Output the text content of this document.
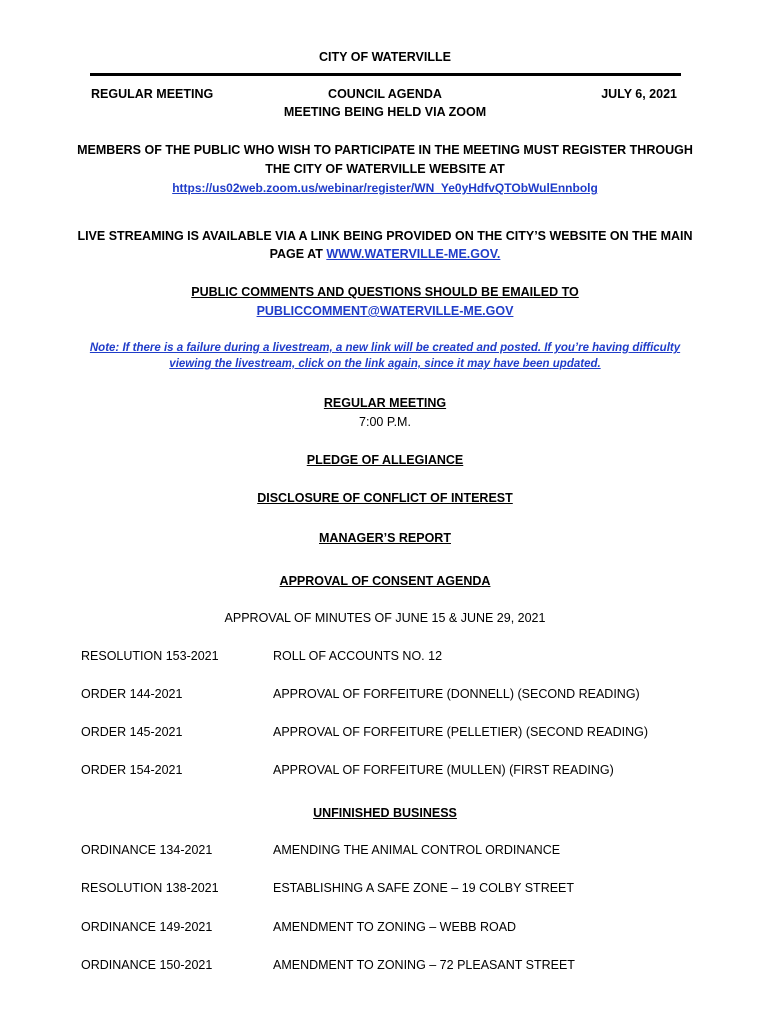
CITY OF WATERVILLE
REGULAR MEETING	COUNCIL AGENDA	JULY 6, 2021
MEETING BEING HELD VIA ZOOM
MEMBERS OF THE PUBLIC WHO WISH TO PARTICIPATE IN THE MEETING MUST REGISTER THROUGH
THE CITY OF WATERVILLE WEBSITE AT
https://us02web.zoom.us/webinar/register/WN_Ye0yHdfvQTObWulEnnbolg
LIVE STREAMING IS AVAILABLE VIA A LINK BEING PROVIDED ON THE CITY’S WEBSITE ON THE MAIN
PAGE AT WWW.WATERVILLE-ME.GOV.
PUBLIC COMMENTS AND QUESTIONS SHOULD BE EMAILED TO
PUBLICCOMMENT@WATERVILLE-ME.GOV
Note: If there is a failure during a livestream, a new link will be created and posted. If you’re having difficulty
viewing the livestream, click on the link again, since it may have been updated.
REGULAR MEETING
7:00 P.M.
PLEDGE OF ALLEGIANCE
DISCLOSURE OF CONFLICT OF INTEREST
MANAGER’S REPORT
APPROVAL OF CONSENT AGENDA
APPROVAL OF MINUTES OF JUNE 15 & JUNE 29, 2021
RESOLUTION 153-2021	ROLL OF ACCOUNTS NO. 12
ORDER 144-2021	APPROVAL OF FORFEITURE (DONNELL) (SECOND READING)
ORDER 145-2021	APPROVAL OF FORFEITURE (PELLETIER) (SECOND READING)
ORDER 154-2021	APPROVAL OF FORFEITURE (MULLEN) (FIRST READING)
UNFINISHED BUSINESS
ORDINANCE 134-2021	AMENDING THE ANIMAL CONTROL ORDINANCE
RESOLUTION 138-2021	ESTABLISHING A SAFE ZONE – 19 COLBY STREET
ORDINANCE 149-2021	AMENDMENT TO ZONING – WEBB ROAD
ORDINANCE 150-2021	AMENDMENT TO ZONING – 72 PLEASANT STREET
